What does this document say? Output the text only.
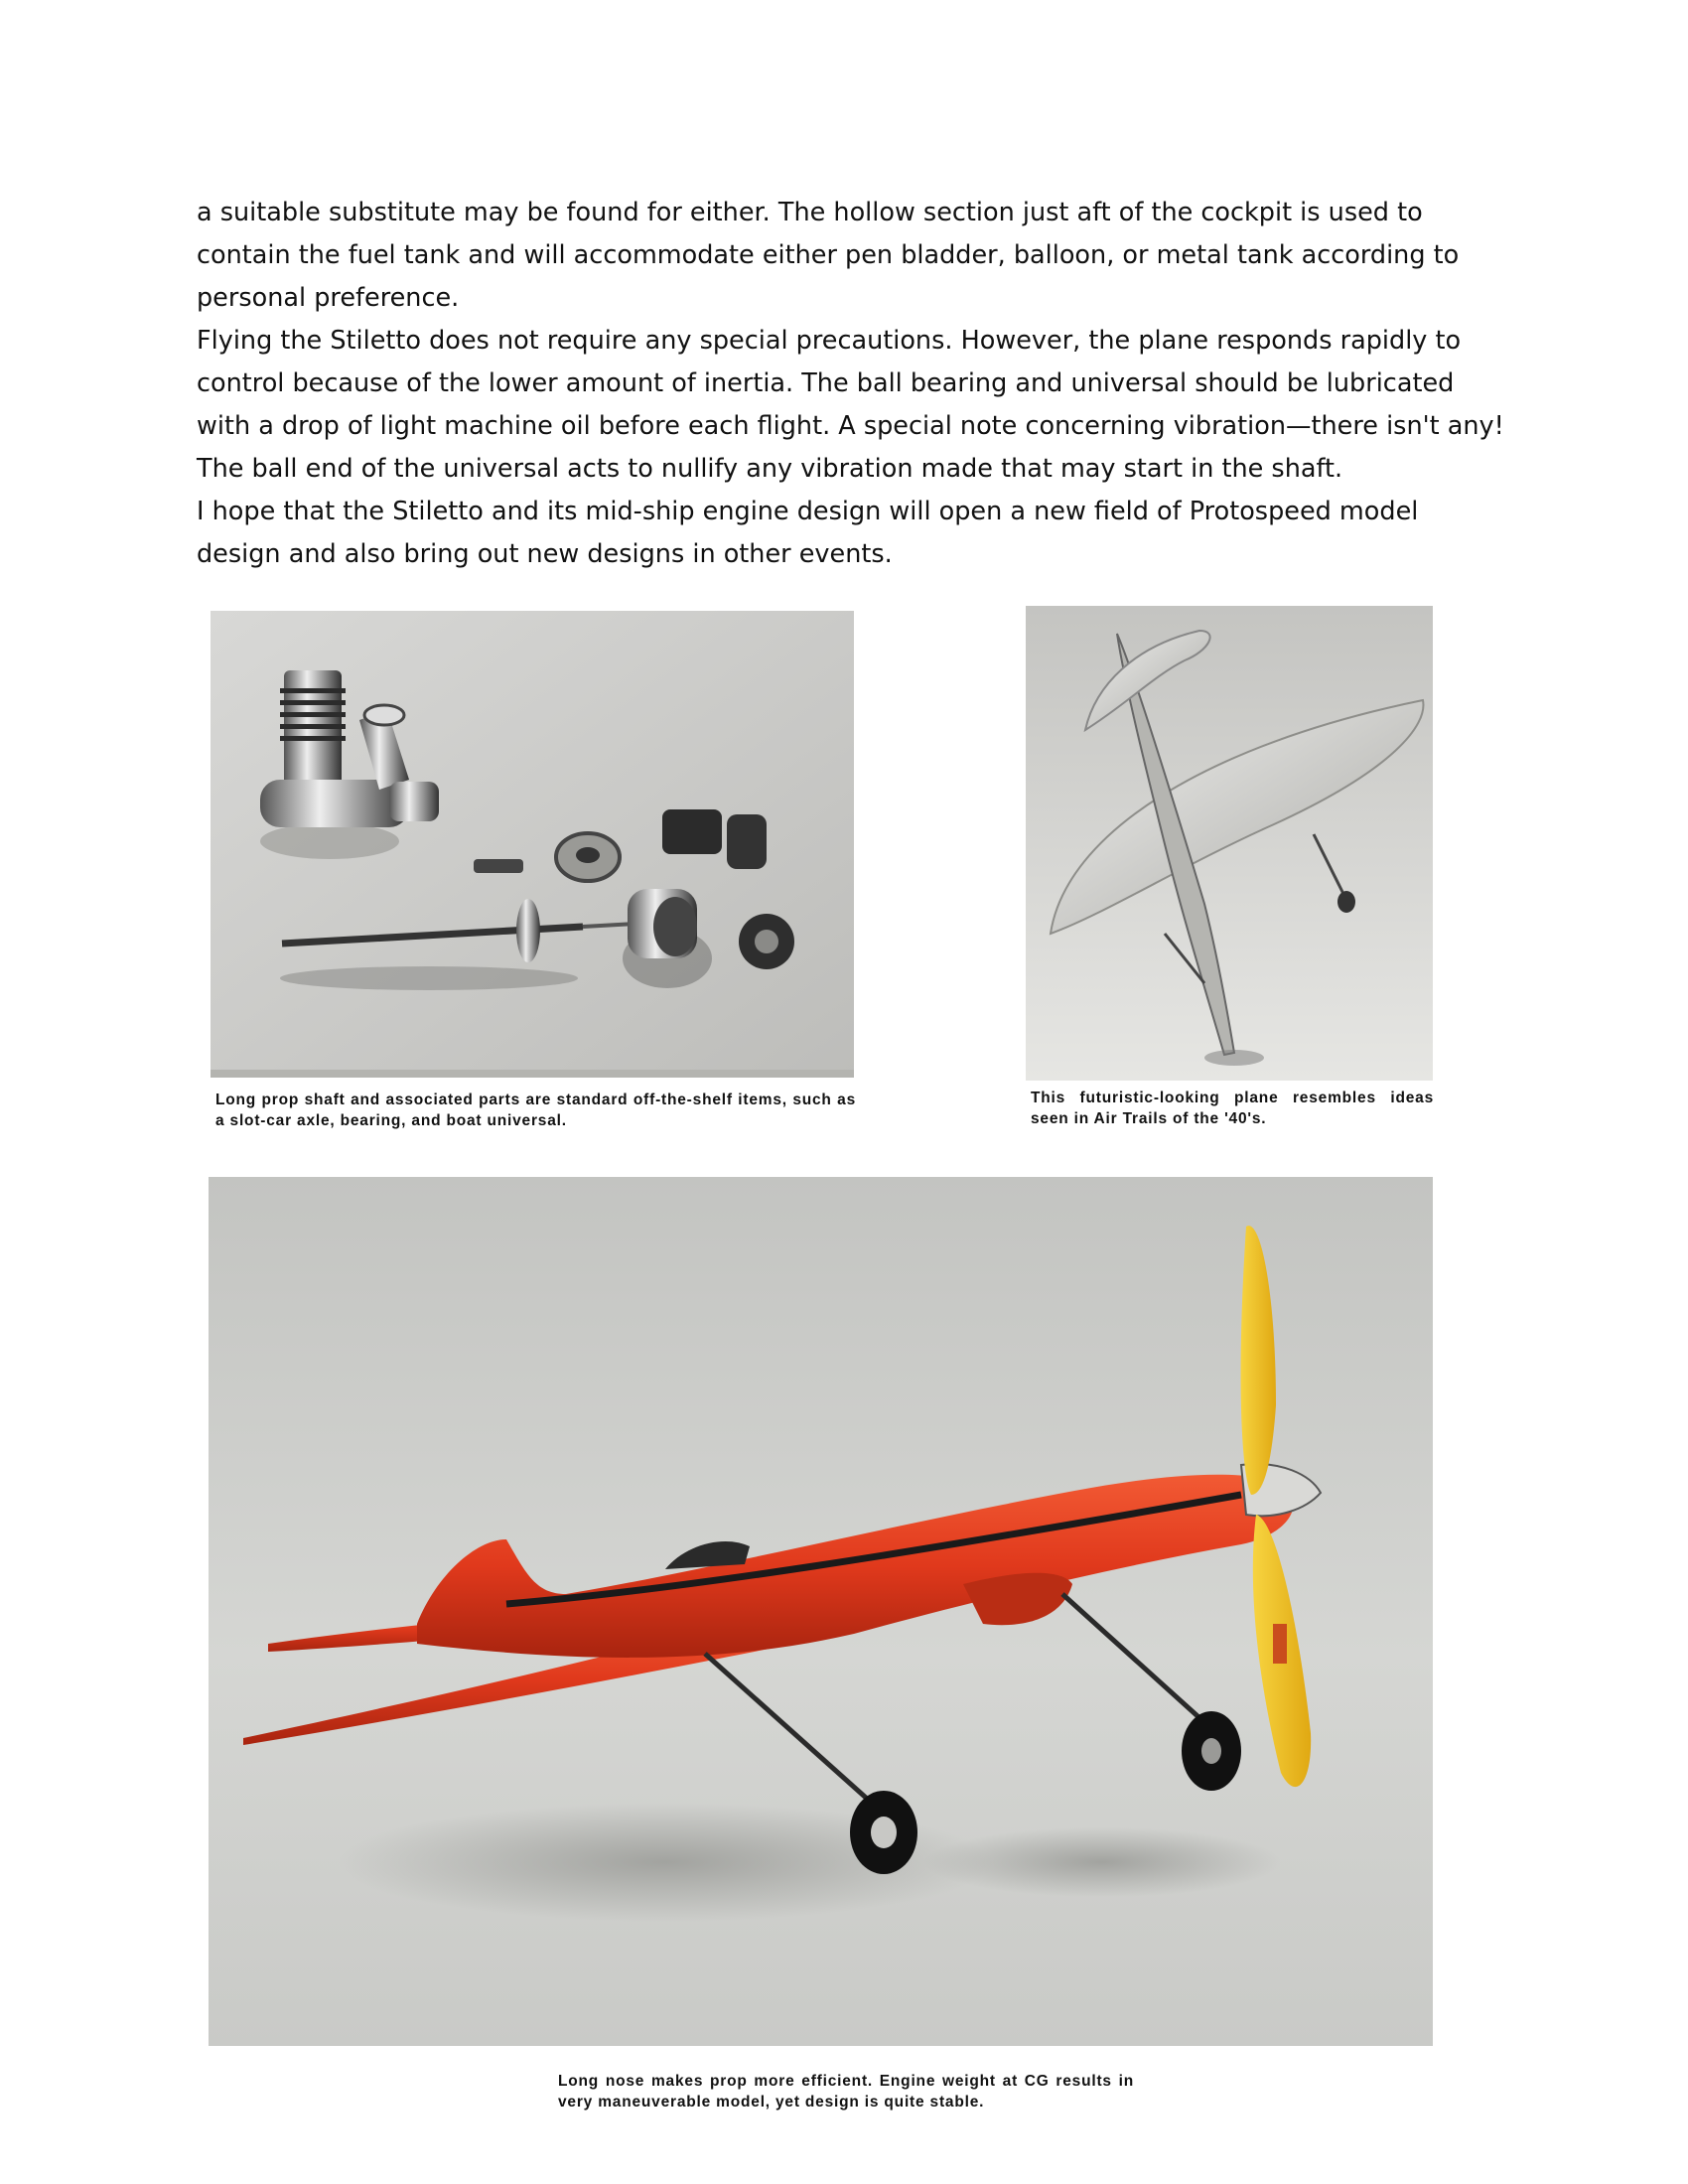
a suitable substitute may be found for either. The hollow section just aft of the cockpit is used to contain the fuel tank and will accommodate either pen bladder, balloon, or metal tank according to personal preference.

Flying the Stiletto does not require any special precautions. However, the plane responds rapidly to control because of the lower amount of inertia. The ball bearing and universal should be lubricated with a drop of light machine oil before each flight. A special note concerning vibration—there isn't any! The ball end of the universal acts to nullify any vibration made that may start in the shaft.

I hope that the Stiletto and its mid-ship engine design will open a new field of Protospeed model design and also bring out new designs in other events.

Long prop shaft and associated parts are standard off-the-shelf items, such as a slot-car axle, bearing, and boat universal.
This futuristic-looking plane resembles ideas seen in Air Trails of the '40's.
Long nose makes prop more efficient. Engine weight at CG results in very maneuverable model, yet design is quite stable.
